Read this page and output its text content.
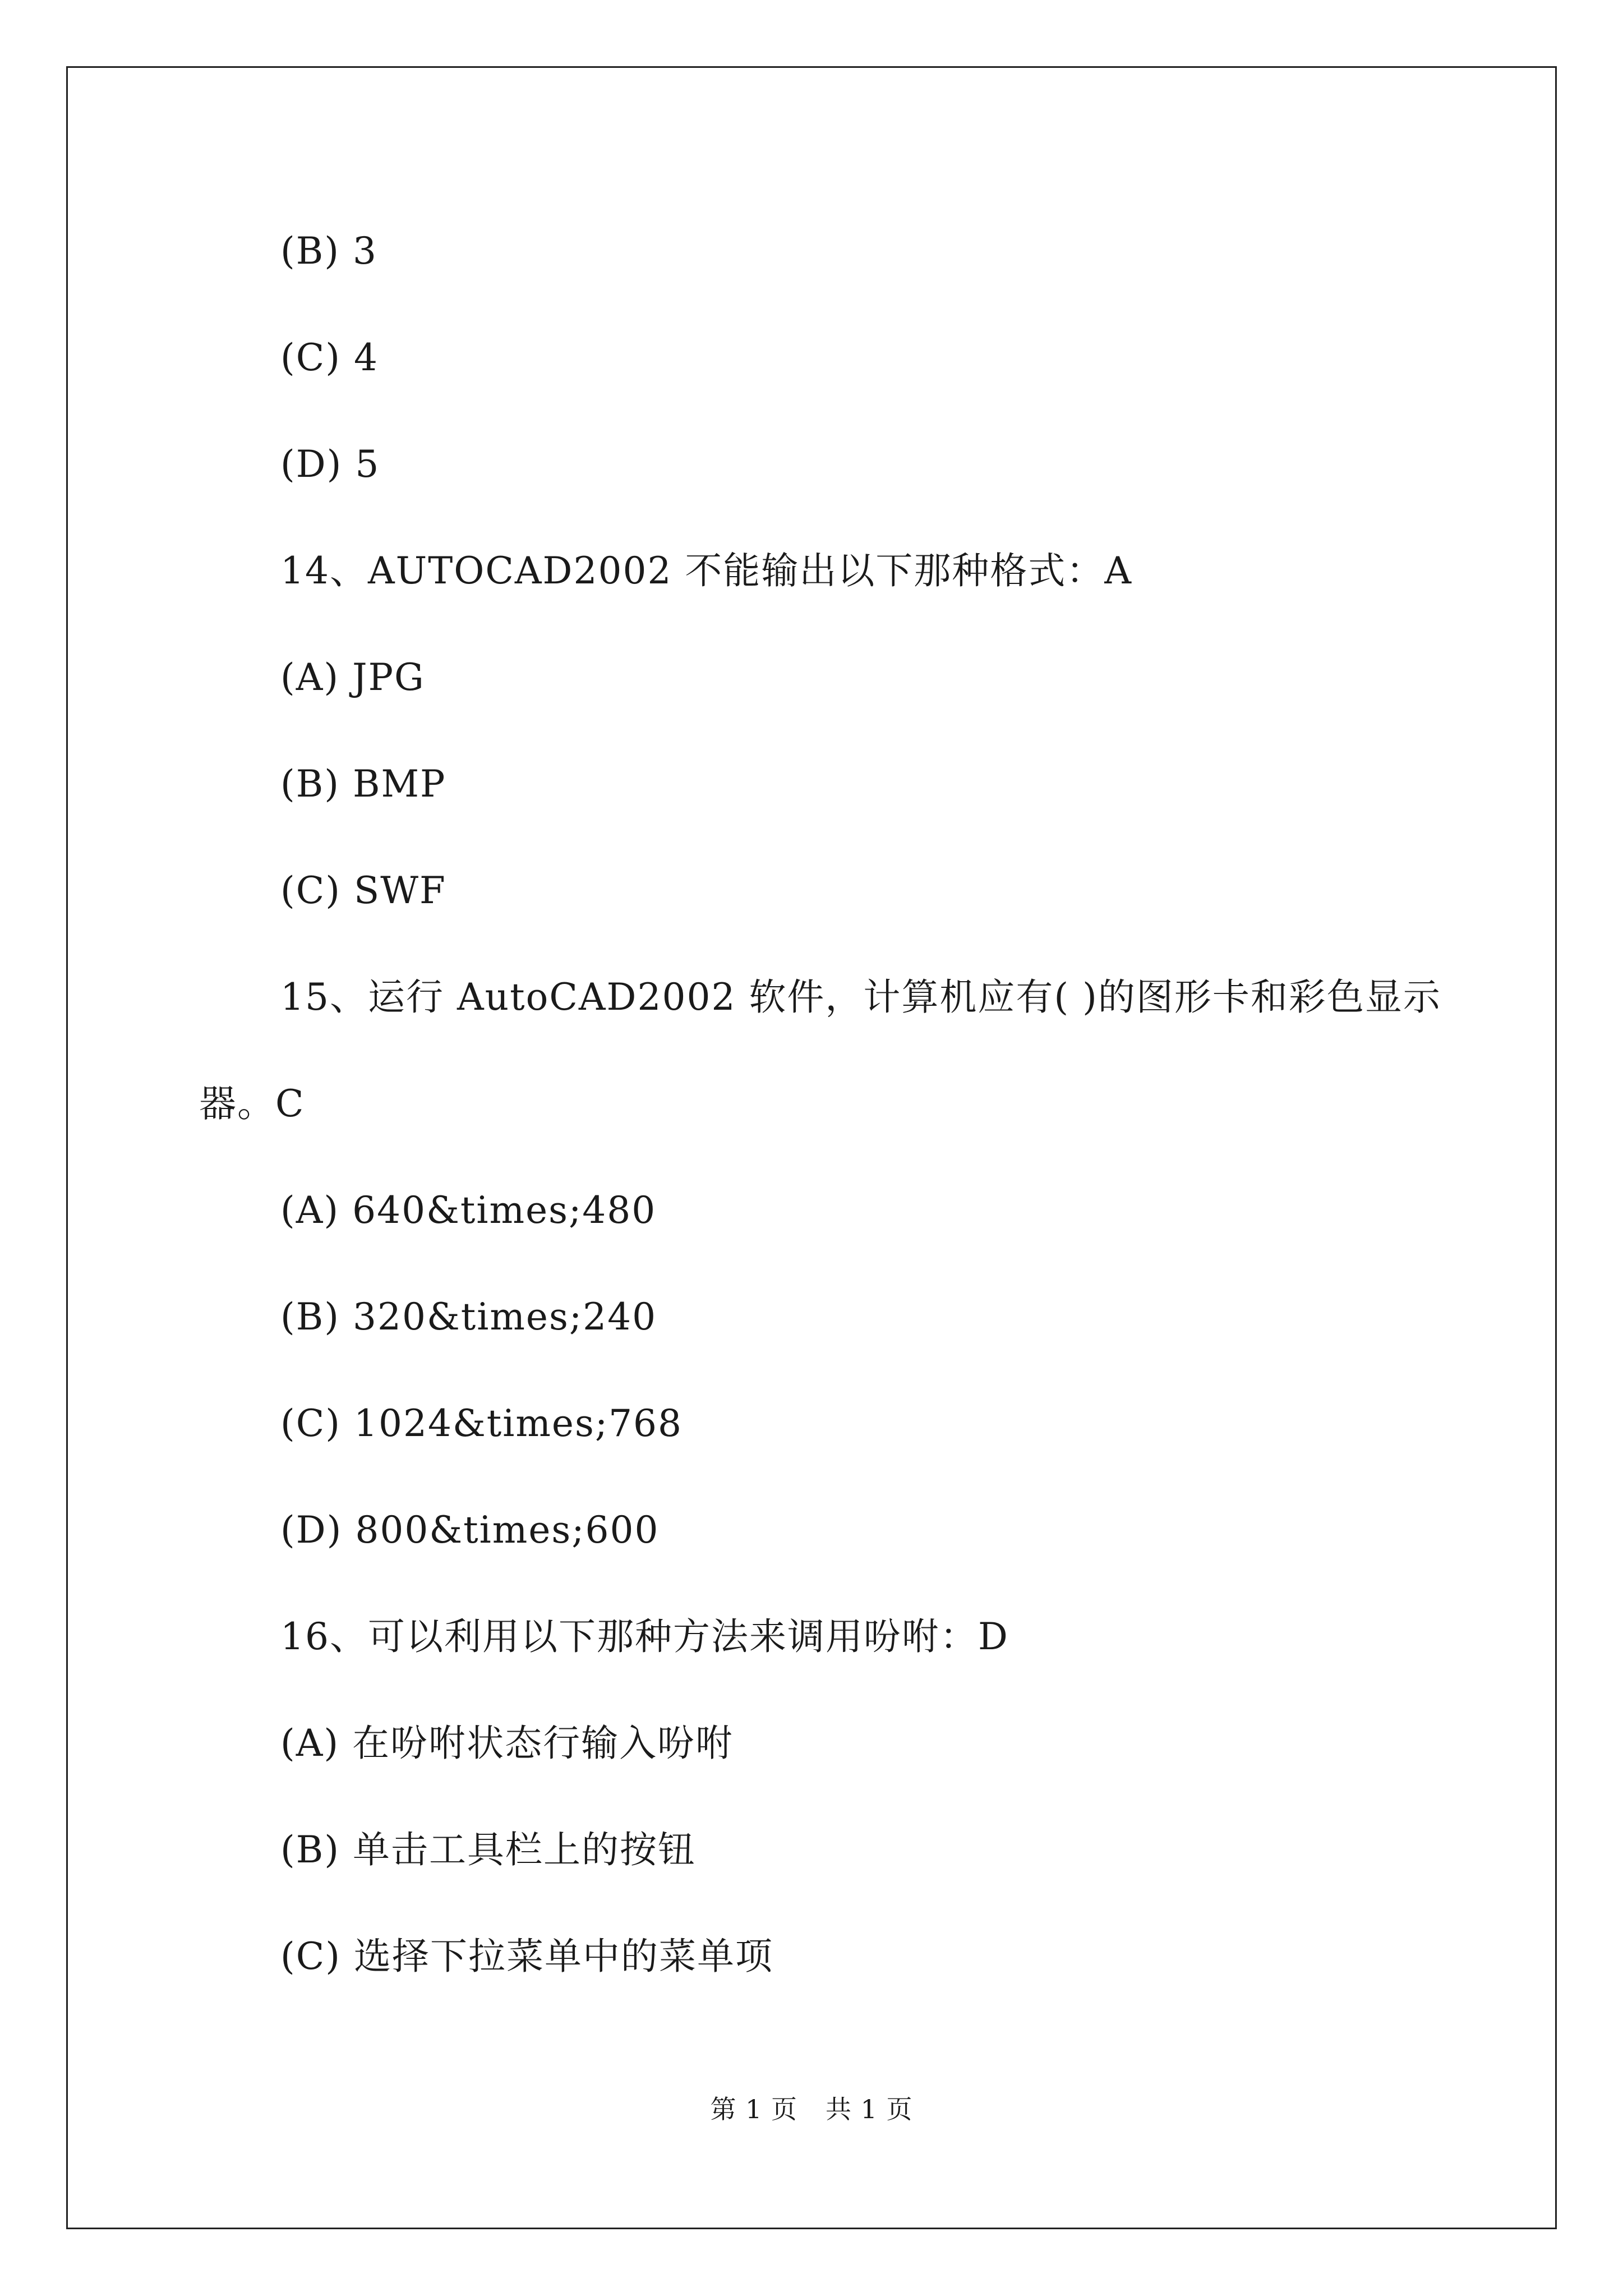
(B) 3
(C) 4
(D) 5
14、AUTOCAD2002 不能输出以下那种格式：A
(A) JPG
(B) BMP
(C) SWF
15、运行 AutoCAD2002 软件，计算机应有( )的图形卡和彩色显示
器。C
(A) 640&times;480
(B) 320&times;240
(C) 1024&times;768
(D) 800&times;600
16、可以利用以下那种方法来调用吩咐：D
(A) 在吩咐状态行输入吩咐
(B) 单击工具栏上的按钮
(C) 选择下拉菜单中的菜单项
第 1 页 共 1 页
